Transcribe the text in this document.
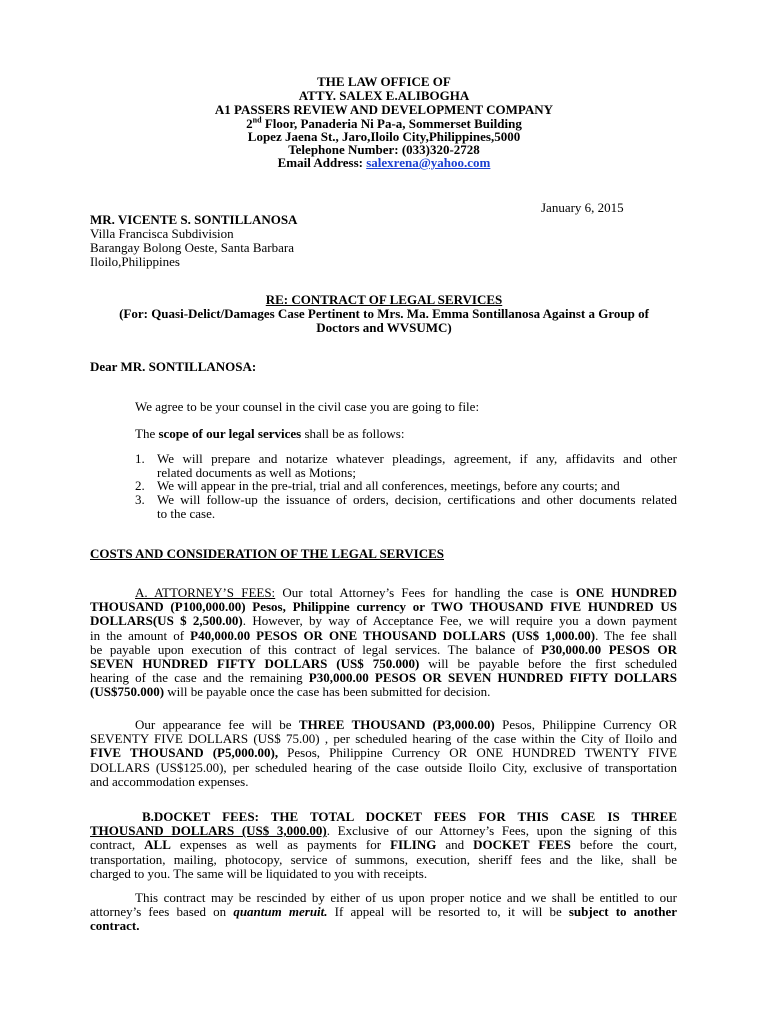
THE LAW OFFICE OF
ATTY. SALEX E.ALIBOGHA
A1 PASSERS REVIEW AND DEVELOPMENT COMPANY
2nd Floor, Panaderia Ni Pa-a, Sommerset Building
Lopez Jaena St., Jaro,Iloilo City,Philippines,5000
Telephone Number: (033)320-2728
Email Address: salexrena@yahoo.com
January 6, 2015
MR. VICENTE S. SONTILLANOSA
Villa Francisca Subdivision
Barangay Bolong Oeste, Santa Barbara
Iloilo,Philippines
RE: CONTRACT OF LEGAL SERVICES
(For: Quasi-Delict/Damages Case Pertinent to Mrs. Ma. Emma Sontillanosa Against a Group of
Doctors and WVSUMC)
Dear MR. SONTILLANOSA:
We agree to be your counsel in the civil case you are going to file:
The scope of our legal services shall be as follows:
1. We will prepare and notarize whatever pleadings, agreement, if any, affidavits and other
related documents as well as Motions;
2. We will appear in the pre-trial, trial and all conferences, meetings, before any courts; and
3. We will follow-up the issuance of orders, decision, certifications and other documents related
to the case.
COSTS AND CONSIDERATION OF THE LEGAL SERVICES
A. ATTORNEY’S FEES: Our total Attorney’s Fees for handling the case is ONE HUNDRED
THOUSAND (P100,000.00) Pesos, Philippine currency or TWO THOUSAND FIVE HUNDRED US
DOLLARS(US $ 2,500.00). However, by way of Acceptance Fee, we will require you a down payment
in the amount of P40,000.00 PESOS OR ONE THOUSAND DOLLARS (US$ 1,000.00). The fee shall
be payable upon execution of this contract of legal services. The balance of P30,000.00 PESOS OR
SEVEN HUNDRED FIFTY DOLLARS (US$ 750.000) will be payable before the first scheduled
hearing of the case and the remaining P30,000.00 PESOS OR SEVEN HUNDRED FIFTY DOLLARS
(US$750.000) will be payable once the case has been submitted for decision.
Our appearance fee will be THREE THOUSAND (P3,000.00) Pesos, Philippine Currency OR
SEVENTY FIVE DOLLARS (US$ 75.00) , per scheduled hearing of the case within the City of Iloilo and
FIVE THOUSAND (P5,000.00), Pesos, Philippine Currency OR ONE HUNDRED TWENTY FIVE
DOLLARS (US$125.00), per scheduled hearing of the case outside Iloilo City, exclusive of transportation
and accommodation expenses.
B.DOCKET FEES: THE TOTAL DOCKET FEES FOR THIS CASE IS THREE
THOUSAND DOLLARS (US$ 3,000.00). Exclusive of our Attorney’s Fees, upon the signing of this
contract, ALL expenses as well as payments for FILING and DOCKET FEES before the court,
transportation, mailing, photocopy, service of summons, execution, sheriff fees and the like, shall be
charged to you. The same will be liquidated to you with receipts.
This contract may be rescinded by either of us upon proper notice and we shall be entitled to our
attorney’s fees based on quantum meruit. If appeal will be resorted to, it will be subject to another
contract.
